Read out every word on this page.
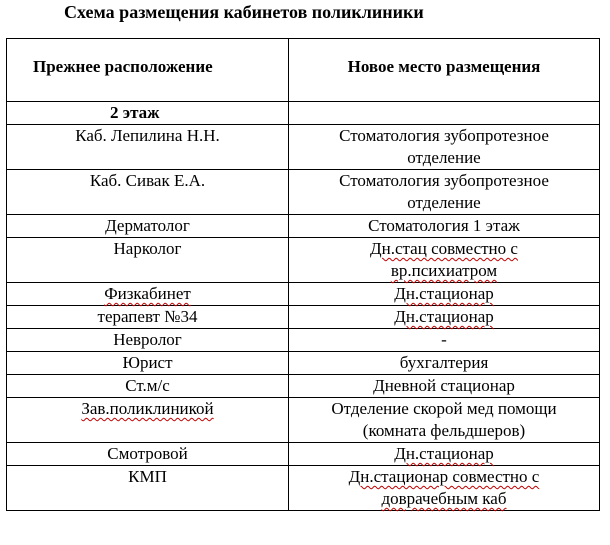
Схема размещения кабинетов поликлиники
Прежнее расположение	Новое место размещения
2 этаж	
Каб. Лепилина Н.Н.	Стоматология зубопротезное
отделение

Каб. Сивак Е.А.	Стоматология зубопротезное
отделение

Дерматолог	Стоматология 1 этаж

Нарколог	Дн.стац совместно с
вр.психиатром

Физкабинет	Дн.стационар

терапевт №34	Дн.стационар

Невролог	-

Юрист	бухгалтерия

Ст.м/с	Дневной стационар

Зав.поликлиникой	Отделение скорой мед помощи
(комната фельдшеров)

Смотровой	Дн.стационар

КМП	Дн.стационар совместно с
доврачебным каб
